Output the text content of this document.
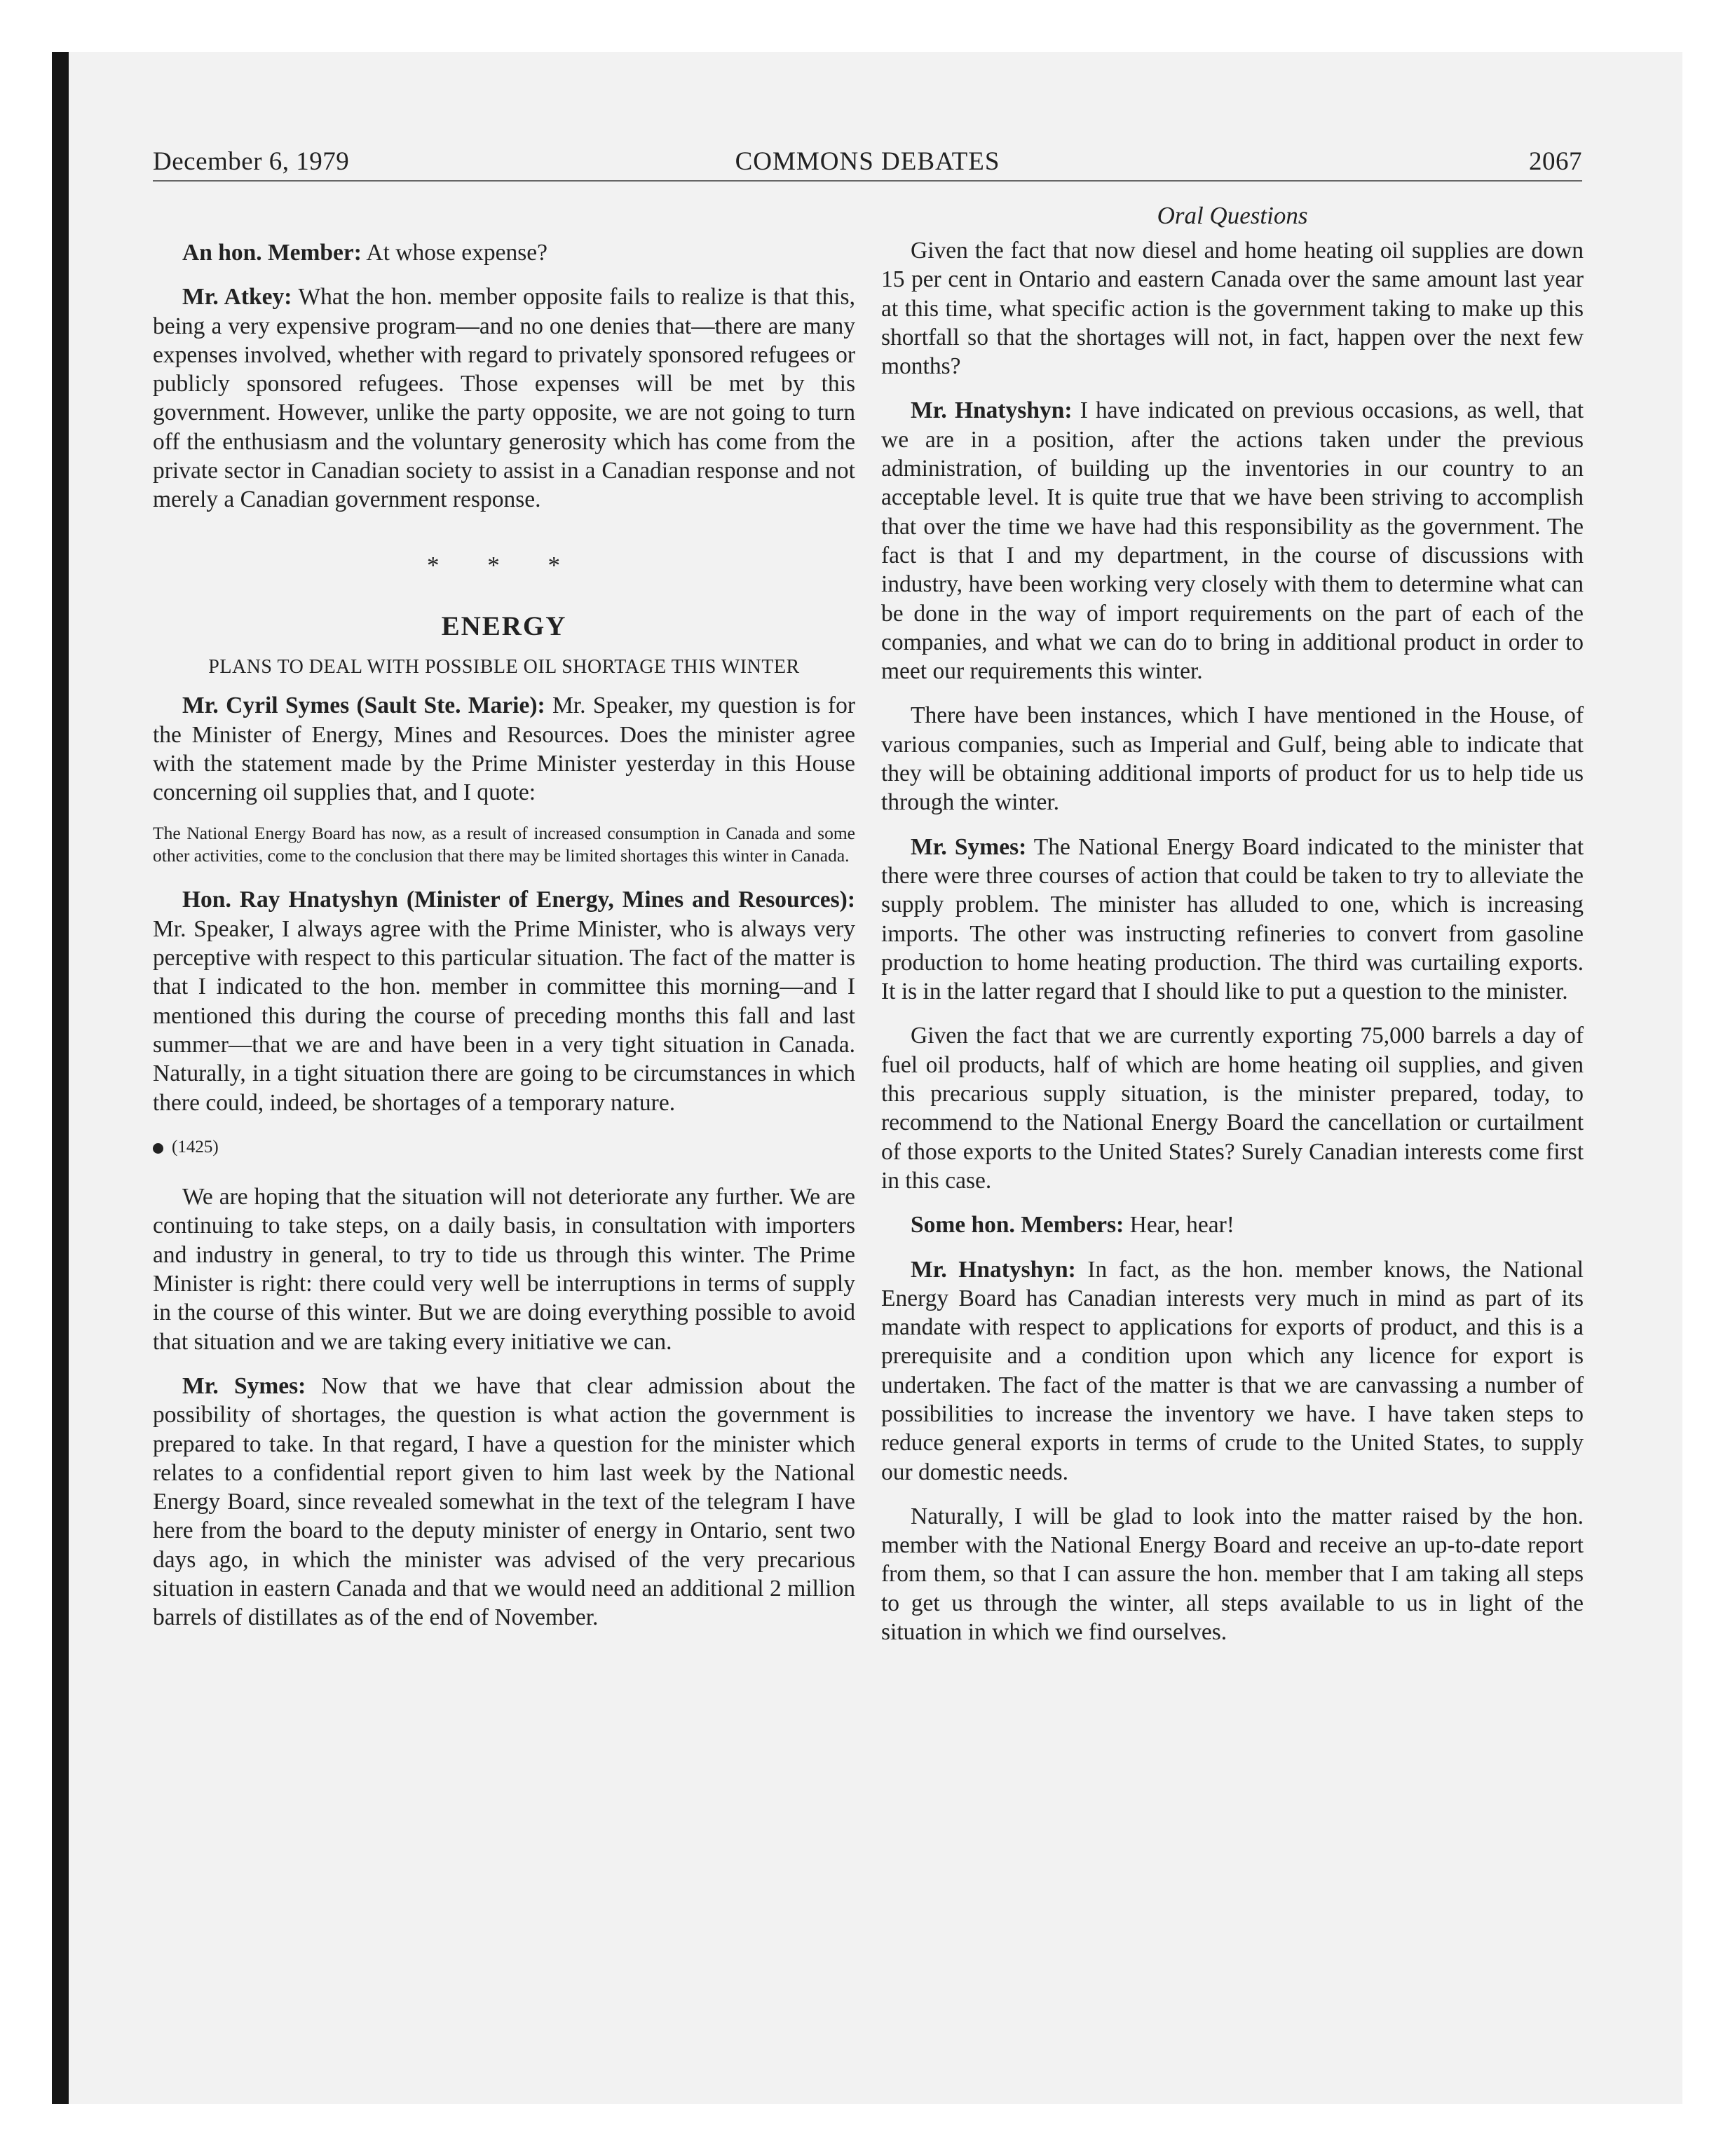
December 6, 1979	COMMONS DEBATES	2067

An hon. Member: At whose expense?

Mr. Atkey: What the hon. member opposite fails to realize is that this, being a very expensive program—and no one denies that—there are many expenses involved, whether with regard to privately sponsored refugees or publicly sponsored refugees. Those expenses will be met by this government. However, unlike the party opposite, we are not going to turn off the enthusiasm and the voluntary generosity which has come from the private sector in Canadian society to assist in a Canadian response and not merely a Canadian government response.

* * *
ENERGY
PLANS TO DEAL WITH POSSIBLE OIL SHORTAGE THIS WINTER

Mr. Cyril Symes (Sault Ste. Marie): Mr. Speaker, my question is for the Minister of Energy, Mines and Resources. Does the minister agree with the statement made by the Prime Minister yesterday in this House concerning oil supplies that, and I quote:

The National Energy Board has now, as a result of increased consumption in Canada and some other activities, come to the conclusion that there may be limited shortages this winter in Canada.

Hon. Ray Hnatyshyn (Minister of Energy, Mines and Resources): Mr. Speaker, I always agree with the Prime Minister, who is always very perceptive with respect to this particular situation. The fact of the matter is that I indicated to the hon. member in committee this morning—and I mentioned this during the course of preceding months this fall and last summer—that we are and have been in a very tight situation in Canada. Naturally, in a tight situation there are going to be circumstances in which there could, indeed, be shortages of a temporary nature.

(1425)

We are hoping that the situation will not deteriorate any further. We are continuing to take steps, on a daily basis, in consultation with importers and industry in general, to try to tide us through this winter. The Prime Minister is right: there could very well be interruptions in terms of supply in the course of this winter. But we are doing everything possible to avoid that situation and we are taking every initiative we can.

Mr. Symes: Now that we have that clear admission about the possibility of shortages, the question is what action the government is prepared to take. In that regard, I have a question for the minister which relates to a confidential report given to him last week by the National Energy Board, since revealed somewhat in the text of the telegram I have here from the board to the deputy minister of energy in Ontario, sent two days ago, in which the minister was advised of the very precarious situation in eastern Canada and that we would need an additional 2 million barrels of distillates as of the end of November.

Oral Questions

Given the fact that now diesel and home heating oil supplies are down 15 per cent in Ontario and eastern Canada over the same amount last year at this time, what specific action is the government taking to make up this shortfall so that the shortages will not, in fact, happen over the next few months?

Mr. Hnatyshyn: I have indicated on previous occasions, as well, that we are in a position, after the actions taken under the previous administration, of building up the inventories in our country to an acceptable level. It is quite true that we have been striving to accomplish that over the time we have had this responsibility as the government. The fact is that I and my department, in the course of discussions with industry, have been working very closely with them to determine what can be done in the way of import requirements on the part of each of the companies, and what we can do to bring in additional product in order to meet our requirements this winter.

There have been instances, which I have mentioned in the House, of various companies, such as Imperial and Gulf, being able to indicate that they will be obtaining additional imports of product for us to help tide us through the winter.

Mr. Symes: The National Energy Board indicated to the minister that there were three courses of action that could be taken to try to alleviate the supply problem. The minister has alluded to one, which is increasing imports. The other was instructing refineries to convert from gasoline production to home heating production. The third was curtailing exports. It is in the latter regard that I should like to put a question to the minister.

Given the fact that we are currently exporting 75,000 barrels a day of fuel oil products, half of which are home heating oil supplies, and given this precarious supply situation, is the minister prepared, today, to recommend to the National Energy Board the cancellation or curtailment of those exports to the United States? Surely Canadian interests come first in this case.

Some hon. Members: Hear, hear!

Mr. Hnatyshyn: In fact, as the hon. member knows, the National Energy Board has Canadian interests very much in mind as part of its mandate with respect to applications for exports of product, and this is a prerequisite and a condition upon which any licence for export is undertaken. The fact of the matter is that we are canvassing a number of possibilities to increase the inventory we have. I have taken steps to reduce general exports in terms of crude to the United States, to supply our domestic needs.

Naturally, I will be glad to look into the matter raised by the hon. member with the National Energy Board and receive an up-to-date report from them, so that I can assure the hon. member that I am taking all steps to get us through the winter, all steps available to us in light of the situation in which we find ourselves.
